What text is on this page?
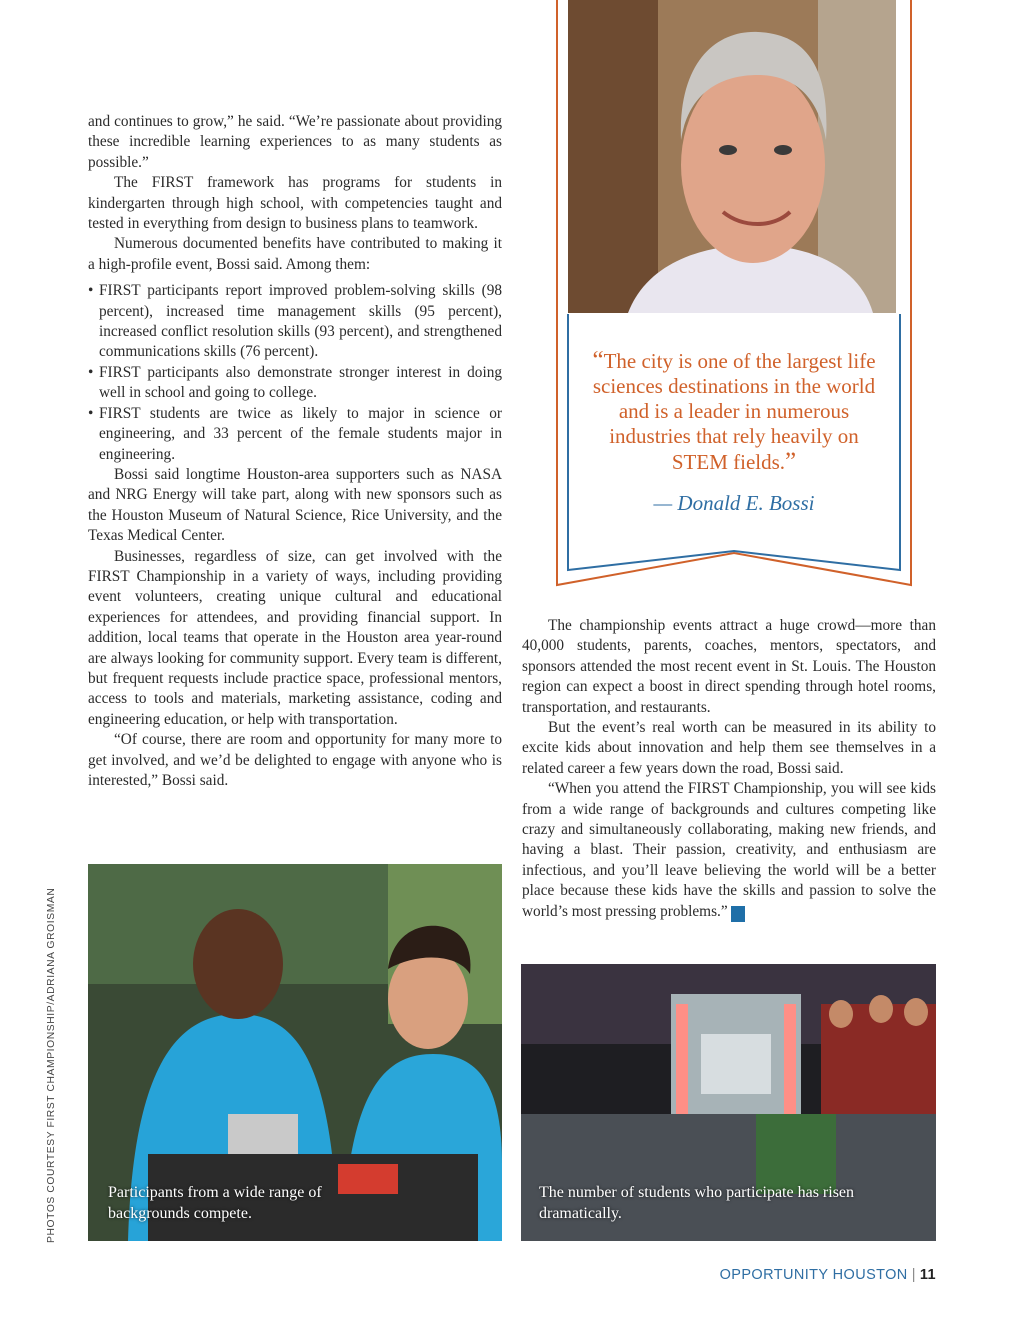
and continues to grow,” he said. “We’re passionate about providing these incredible learning experiences to as many students as possible.”

The FIRST framework has programs for students in kindergarten through high school, with competencies taught and tested in everything from design to business plans to teamwork.

Numerous documented benefits have contributed to making it a high-profile event, Bossi said. Among them:

• FIRST participants report improved problem-solving skills (98 percent), increased time management skills (95 percent), increased conflict resolution skills (93 percent), and strengthened communications skills (76 percent).
• FIRST participants also demonstrate stronger interest in doing well in school and going to college.
• FIRST students are twice as likely to major in science or engineering, and 33 percent of the female students major in engineering.

Bossi said longtime Houston-area supporters such as NASA and NRG Energy will take part, along with new sponsors such as the Houston Museum of Natural Science, Rice University, and the Texas Medical Center.

Businesses, regardless of size, can get involved with the FIRST Championship in a variety of ways, including providing event volunteers, creating unique cultural and educational experiences for attendees, and providing financial support. In addition, local teams that operate in the Houston area year-round are always looking for community support. Every team is different, but frequent requests include practice space, professional mentors, access to tools and materials, marketing assistance, coding and engineering education, or help with transportation.

“Of course, there are room and opportunity for many more to get involved, and we’d be delighted to engage with anyone who is interested,” Bossi said.

“The city is one of the largest life sciences destinations in the world and is a leader in numerous industries that rely heavily on STEM fields.”
— Donald E. Bossi

The championship events attract a huge crowd—more than 40,000 students, parents, coaches, mentors, spectators, and sponsors attended the most recent event in St. Louis. The Houston region can expect a boost in direct spending through hotel rooms, transportation, and restaurants.

But the event’s real worth can be measured in its ability to excite kids about innovation and help them see themselves in a related career a few years down the road, Bossi said.

“When you attend the FIRST Championship, you will see kids from a wide range of backgrounds and cultures competing like crazy and simultaneously collaborating, making new friends, and having a blast. Their passion, creativity, and enthusiasm are infectious, and you’ll leave believing the world will be a better place because these kids have the skills and passion to solve the world’s most pressing problems.”	20
16

Participants from a wide range of backgrounds compete.
The number of students who participate has risen dramatically.
PHOTOS COURTESY FIRST CHAMPIONSHIP/ADRIANA GROISMAN
OPPORTUNITY HOUSTON | 11
